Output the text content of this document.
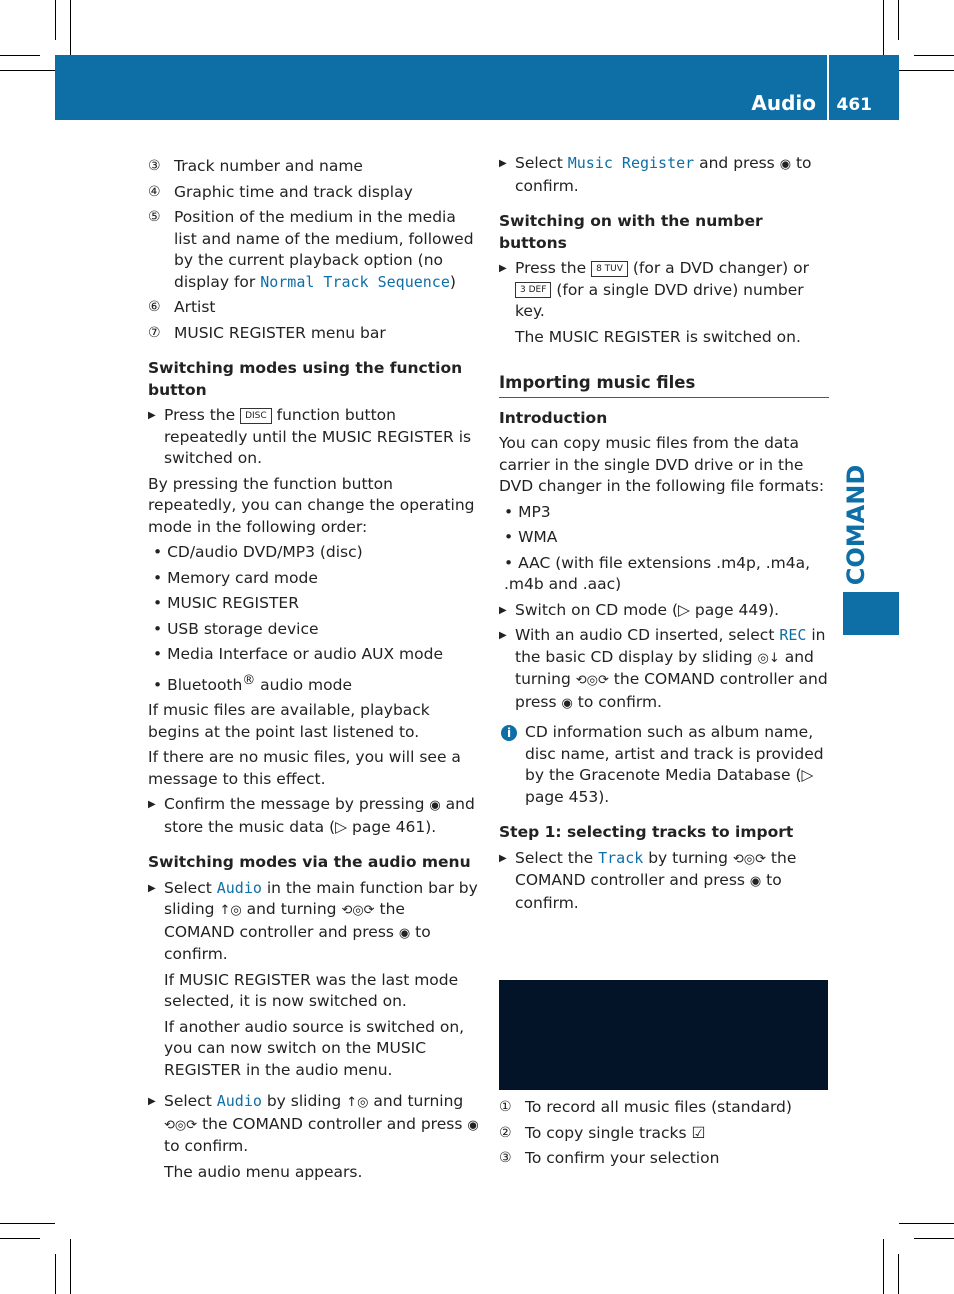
Audio 461
COMAND

③ Track number and name

④ Graphic time and track display

⑤ Position of the medium in the media list and name of the medium, followed by the current playback option (no display for Normal Track Sequence)

⑥ Artist

⑦ MUSIC REGISTER menu bar

Switching modes using the function button

▶ Press the DISC function button repeatedly until the MUSIC REGISTER is switched on.

By pressing the function button repeatedly, you can change the operating mode in the following order:

• CD/audio DVD/MP3 (disc)

• Memory card mode

• MUSIC REGISTER

• USB storage device

• Media Interface or audio AUX mode

• Bluetooth® audio mode

If music files are available, playback begins at the point last listened to.

If there are no music files, you will see a message to this effect.

▶ Confirm the message by pressing ◉ and store the music data (▷ page 461).

Switching modes via the audio menu

▶ Select Audio in the main function bar by sliding ↑◎ and turning ⟲◎⟳ the COMAND controller and press ◉ to confirm.

If MUSIC REGISTER was the last mode selected, it is now switched on.

If another audio source is switched on, you can now switch on the MUSIC REGISTER in the audio menu.

▶ Select Audio by sliding ↑◎ and turning ⟲◎⟳ the COMAND controller and press ◉ to confirm.

The audio menu appears.

▶ Select Music Register and press ◉ to confirm.

Switching on with the number buttons

▶ Press the 8 TUV (for a DVD changer) or 3 DEF (for a single DVD drive) number key.

The MUSIC REGISTER is switched on.

Importing music files

Introduction

You can copy music files from the data carrier in the single DVD drive or in the DVD changer in the following file formats:

• MP3

• WMA

• AAC (with file extensions .m4p, .m4a, .m4b and .aac)

▶ Switch on CD mode (▷ page 449).

▶ With an audio CD inserted, select REC in the basic CD display by sliding ◎↓ and turning ⟲◎⟳ the COMAND controller and press ◉ to confirm.

i CD information such as album name, disc name, artist and track is provided by the Gracenote Media Database (▷ page 453).

Step 1: selecting tracks to import

▶ Select the Track by turning ⟲◎⟳ the COMAND controller and press ◉ to confirm.

① To record all music files (standard)

② To copy single tracks ☑

③ To confirm your selection
